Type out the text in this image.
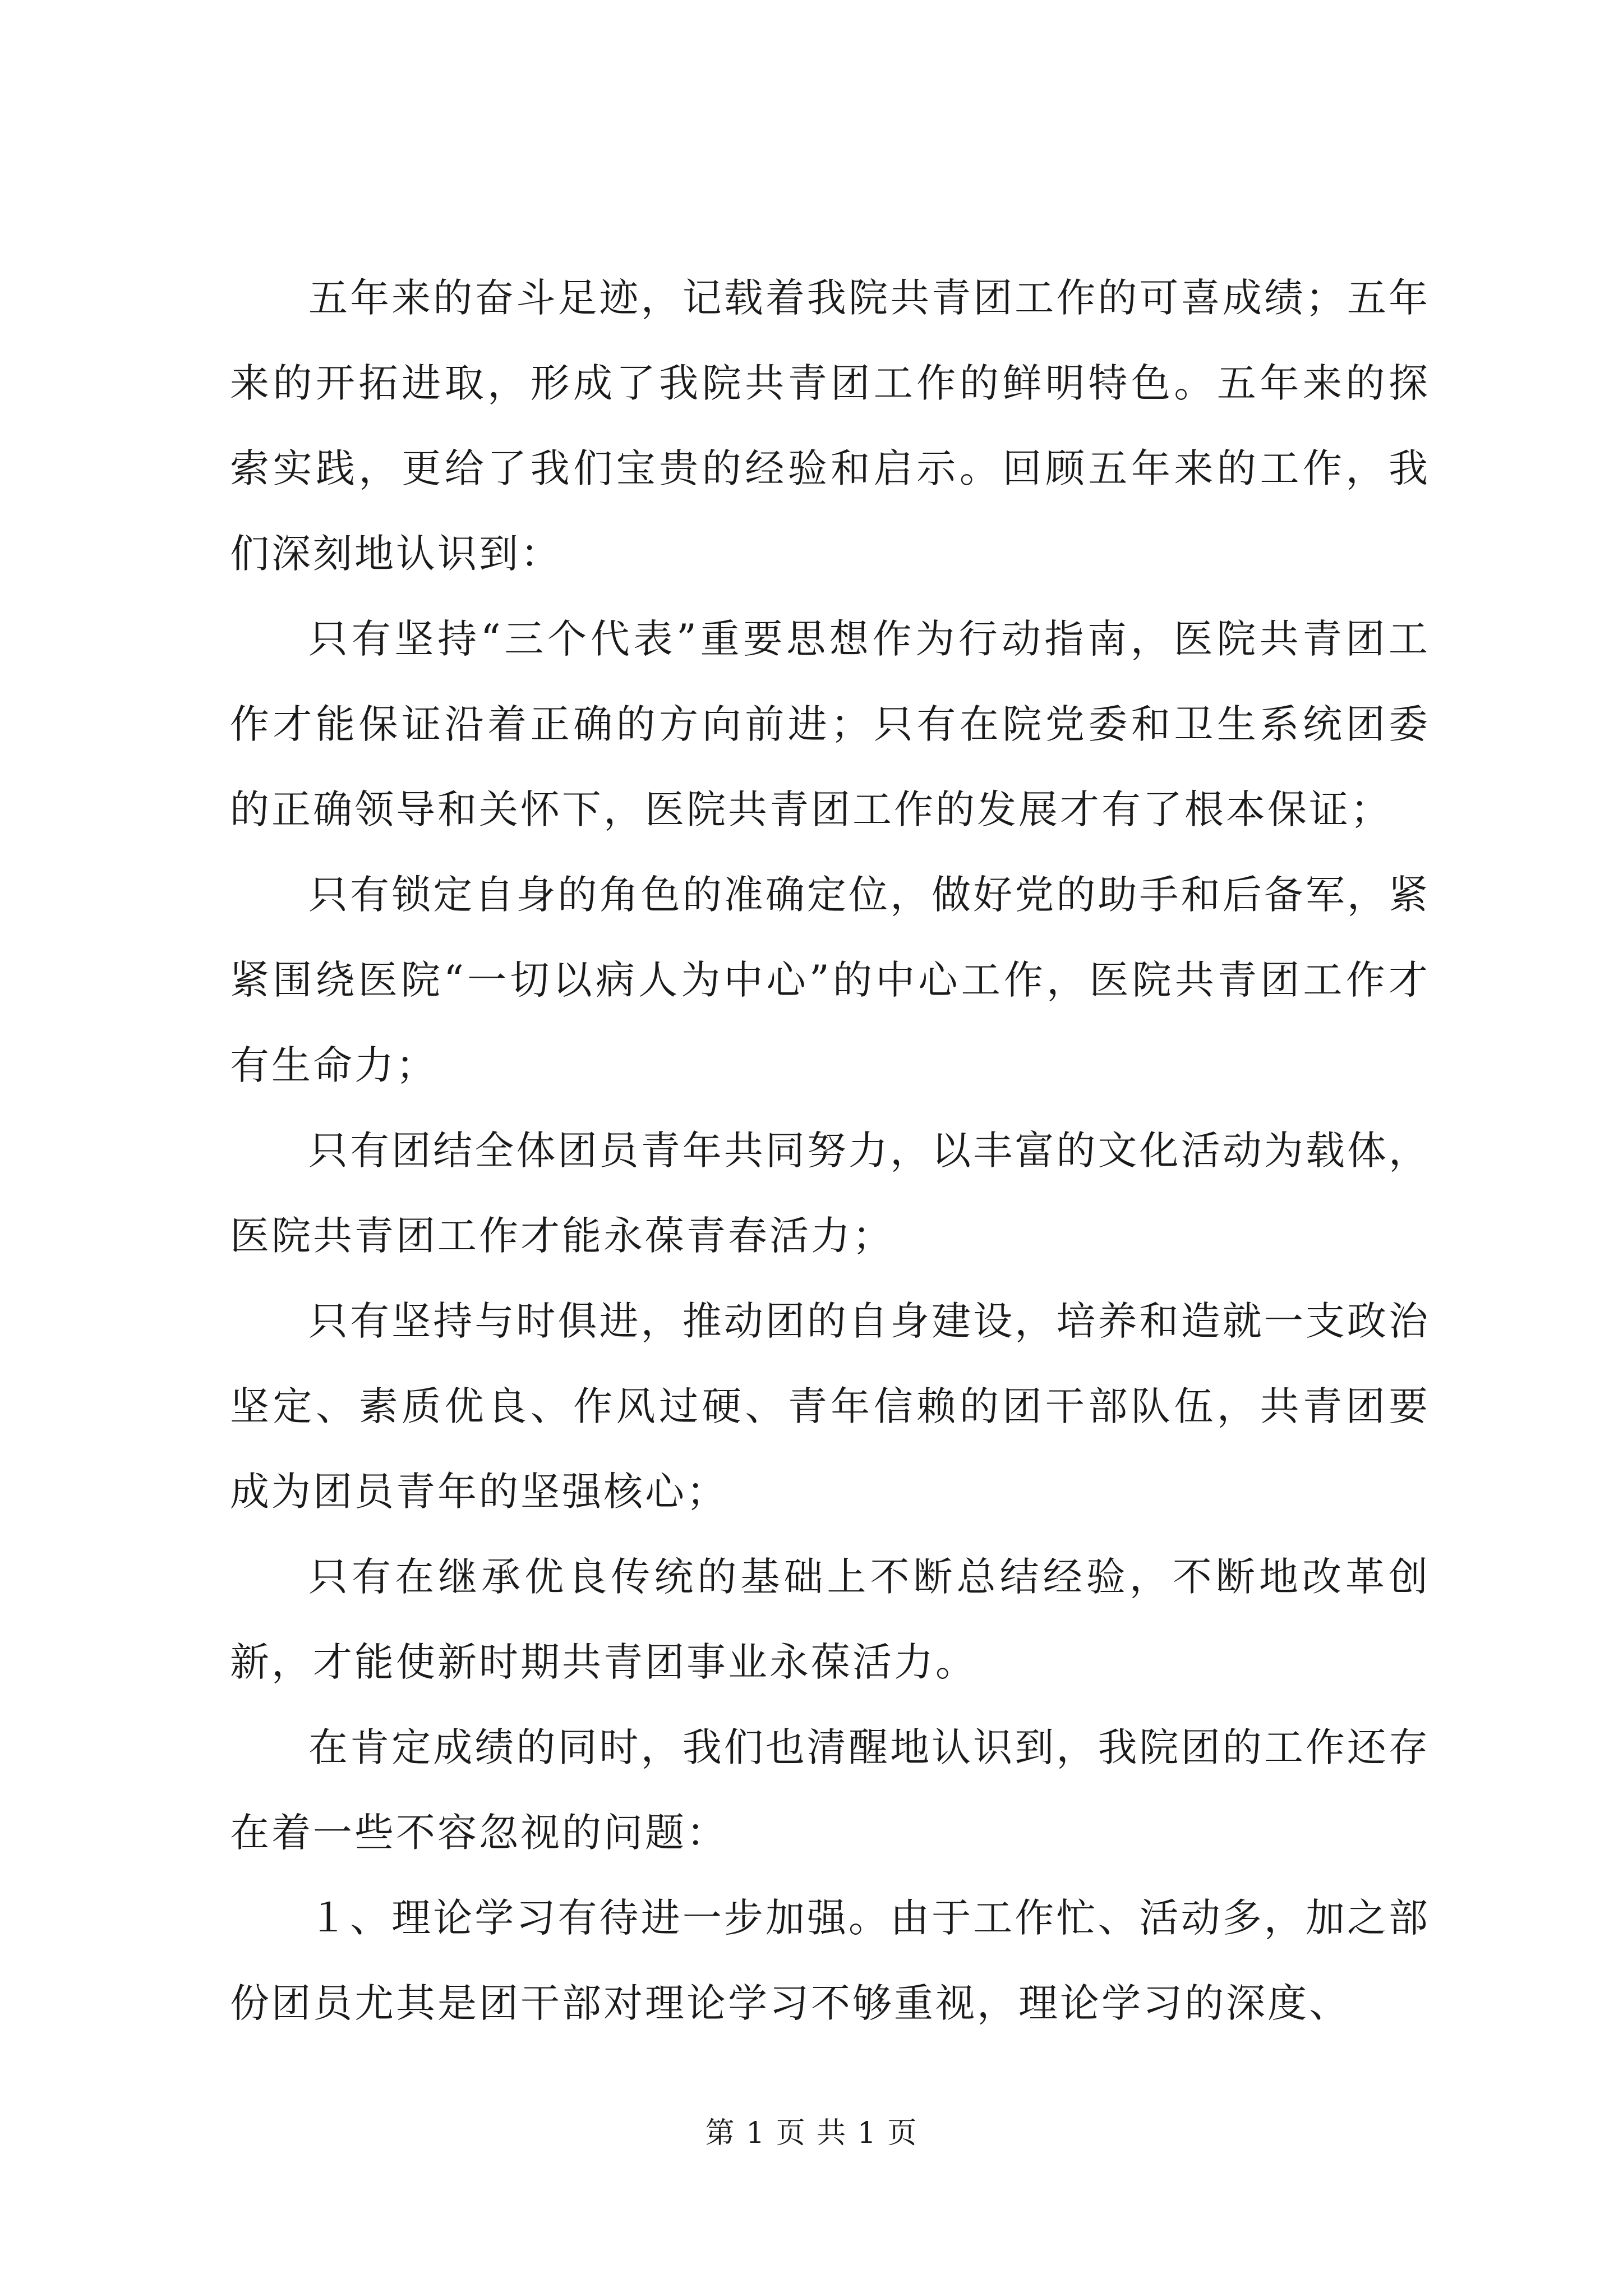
五年来的奋斗足迹，记载着我院共青团工作的可喜成绩；五年来的开拓进取，形成了我院共青团工作的鲜明特色。五年来的探索实践，更给了我们宝贵的经验和启示。回顾五年来的工作，我们深刻地认识到：

只有坚持“三个代表”重要思想作为行动指南，医院共青团工作才能保证沿着正确的方向前进；只有在院党委和卫生系统团委的正确领导和关怀下，医院共青团工作的发展才有了根本保证；

只有锁定自身的角色的准确定位，做好党的助手和后备军，紧紧围绕医院“一切以病人为中心”的中心工作，医院共青团工作才有生命力；

只有团结全体团员青年共同努力，以丰富的文化活动为载体，医院共青团工作才能永葆青春活力；

只有坚持与时俱进，推动团的自身建设，培养和造就一支政治坚定、素质优良、作风过硬、青年信赖的团干部队伍，共青团要成为团员青年的坚强核心；

只有在继承优良传统的基础上不断总结经验，不断地改革创新，才能使新时期共青团事业永葆活力。

在肯定成绩的同时，我们也清醒地认识到，我院团的工作还存在着一些不容忽视的问题：

１、理论学习有待进一步加强。由于工作忙、活动多，加之部份团员尤其是团干部对理论学习不够重视，理论学习的深度、

第 1 页 共 1 页
